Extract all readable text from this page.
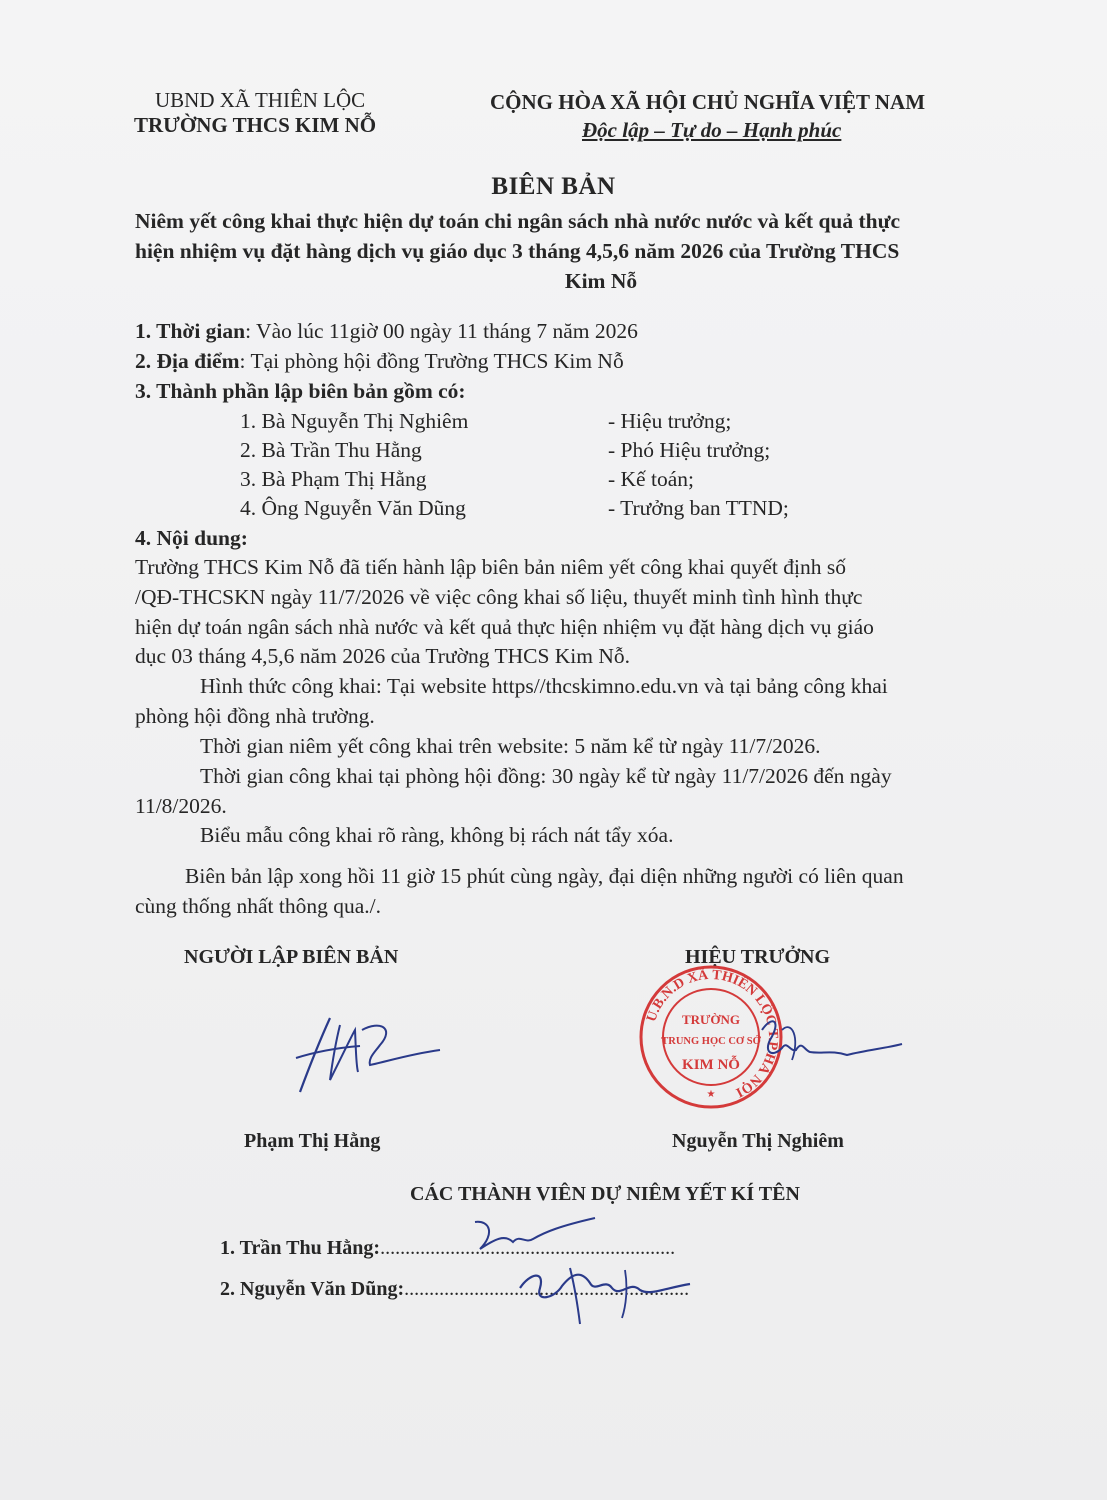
UBND XÃ THIÊN LỘC
TRƯỜNG THCS KIM NỖ
CỘNG HÒA XÃ HỘI CHỦ NGHĨA VIỆT NAM
Độc lập – Tự do – Hạnh phúc
BIÊN BẢN
Niêm yết công khai thực hiện dự toán chi ngân sách nhà nước nước và kết quả thực
hiện nhiệm vụ đặt hàng dịch vụ giáo dục 3 tháng 4,5,6 năm 2026 của Trường THCS
Kim Nỗ
1. Thời gian: Vào lúc 11giờ 00 ngày 11 tháng 7 năm 2026
2. Địa điểm: Tại phòng hội đồng Trường THCS Kim Nỗ
3. Thành phần lập biên bản gồm có:
1. Bà Nguyễn Thị Nghiêm	- Hiệu trưởng;
2. Bà Trần Thu Hằng	- Phó Hiệu trưởng;
3. Bà Phạm Thị Hằng	- Kế toán;
4. Ông Nguyễn Văn Dũng	- Trưởng ban TTND;
4. Nội dung:
Trường THCS Kim Nỗ đã tiến hành lập biên bản niêm yết công khai quyết định số
/QĐ-THCSKN ngày 11/7/2026 về việc công khai số liệu, thuyết minh tình hình thực
hiện dự toán ngân sách nhà nước và kết quả thực hiện nhiệm vụ đặt hàng dịch vụ giáo
dục 03 tháng 4,5,6 năm 2026 của Trường THCS Kim Nỗ.
Hình thức công khai: Tại website https//thcskimno.edu.vn và tại bảng công khai
phòng hội đồng nhà trường.
Thời gian niêm yết công khai trên website: 5 năm kể từ ngày 11/7/2026.
Thời gian công khai tại phòng hội đồng: 30 ngày kể từ ngày 11/7/2026 đến ngày
11/8/2026.
Biểu mẫu công khai rõ ràng, không bị rách nát tẩy xóa.
Biên bản lập xong hồi 11 giờ 15 phút cùng ngày, đại diện những người có liên quan
cùng thống nhất thông qua./.
NGƯỜI LẬP BIÊN BẢN	HIỆU TRƯỞNG
U.B.N.D XÃ THIÊN LỘC T.P HÀ NỘI
TRƯỜNG
TRUNG HỌC CƠ SỞ
KIM NỖ
★
Phạm Thị Hằng	Nguyễn Thị Nghiêm
CÁC THÀNH VIÊN DỰ NIÊM YẾT KÍ TÊN
1. Trần Thu Hằng:...........................................................
2. Nguyễn Văn Dũng:.........................................................
